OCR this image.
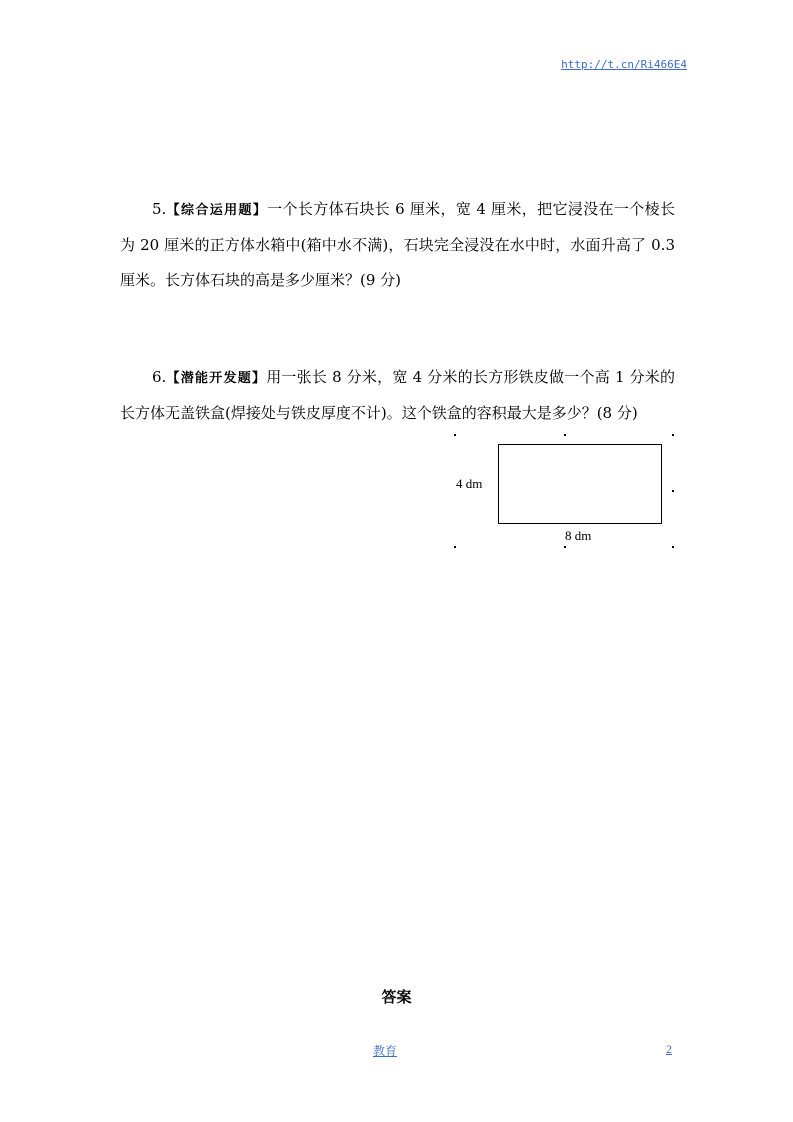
http://t.cn/Ri466E4
5.【综合运用题】一个长方体石块长 6 厘米，宽 4 厘米，把它浸没在一个棱长为 20 厘米的正方体水箱中(箱中水不满)，石块完全浸没在水中时，水面升高了 0.3 厘米。长方体石块的高是多少厘米？(9 分)
6.【潜能开发题】用一张长 8 分米，宽 4 分米的长方形铁皮做一个高 1 分米的长方体无盖铁盒(焊接处与铁皮厚度不计)。这个铁盒的容积最大是多少？(8 分)
4 dm
8 dm
答案
教育	2
